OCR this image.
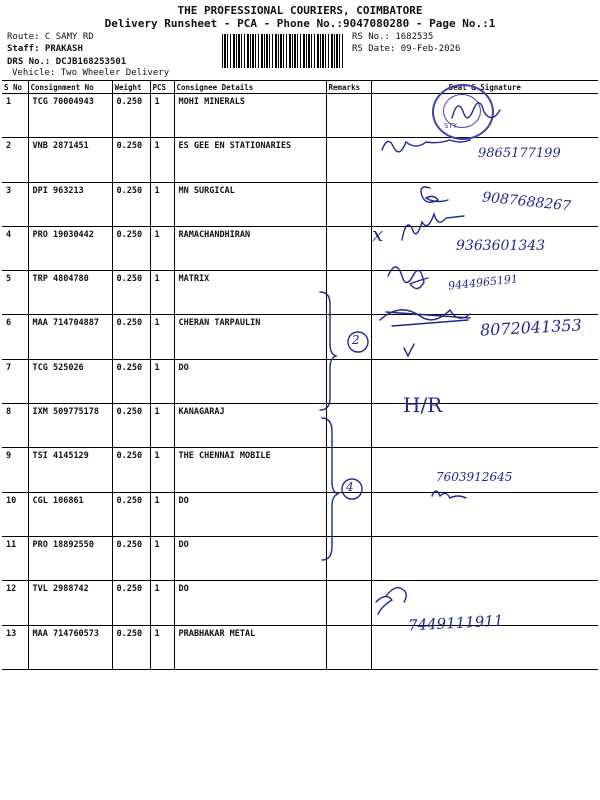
THE PROFESSIONAL COURIERS, COIMBATORE
Delivery Runsheet - PCA - Phone No.:9047080280 - Page No.:1
Route: C SAMY RD
Staff: PRAKASH
DRS No.: DCJB168253501
Vehicle: Two Wheeler Delivery
RS No.: 1682535
RS Date: 09-Feb-2026
S No	Consignment No	Weight	PCS	Consignee Details	Remarks	Seal & Signature
1	TCG 70004943	0.250	1	MOHI MINERALS		
2	VNB 2871451	0.250	1	ES GEE EN STATIONARIES		
3	DPI 963213	0.250	1	MN SURGICAL		
4	PRO 19030442	0.250	1	RAMACHANDHIRAN		
5	TRP 4804780	0.250	1	MATRIX		
6	MAA 714704887	0.250	1	CHERAN TARPAULIN		
7	TCG 525026	0.250	1	DO		
8	IXM 509775178	0.250	1	KANAGARAJ		
9	TSI 4145129	0.250	1	THE CHENNAI MOBILE		
10	CGL 106861	0.250	1	DO		
11	PRO 18892550	0.250	1	DO		
12	TVL 2988742	0.250	1	DO		
13	MAA 714760573	0.250	1	PRABHAKAR METAL		
STY
9865177199
9087688267
x	9363601343
9444965191
8072041353
2
H/R
4
7603912645
7449111911
